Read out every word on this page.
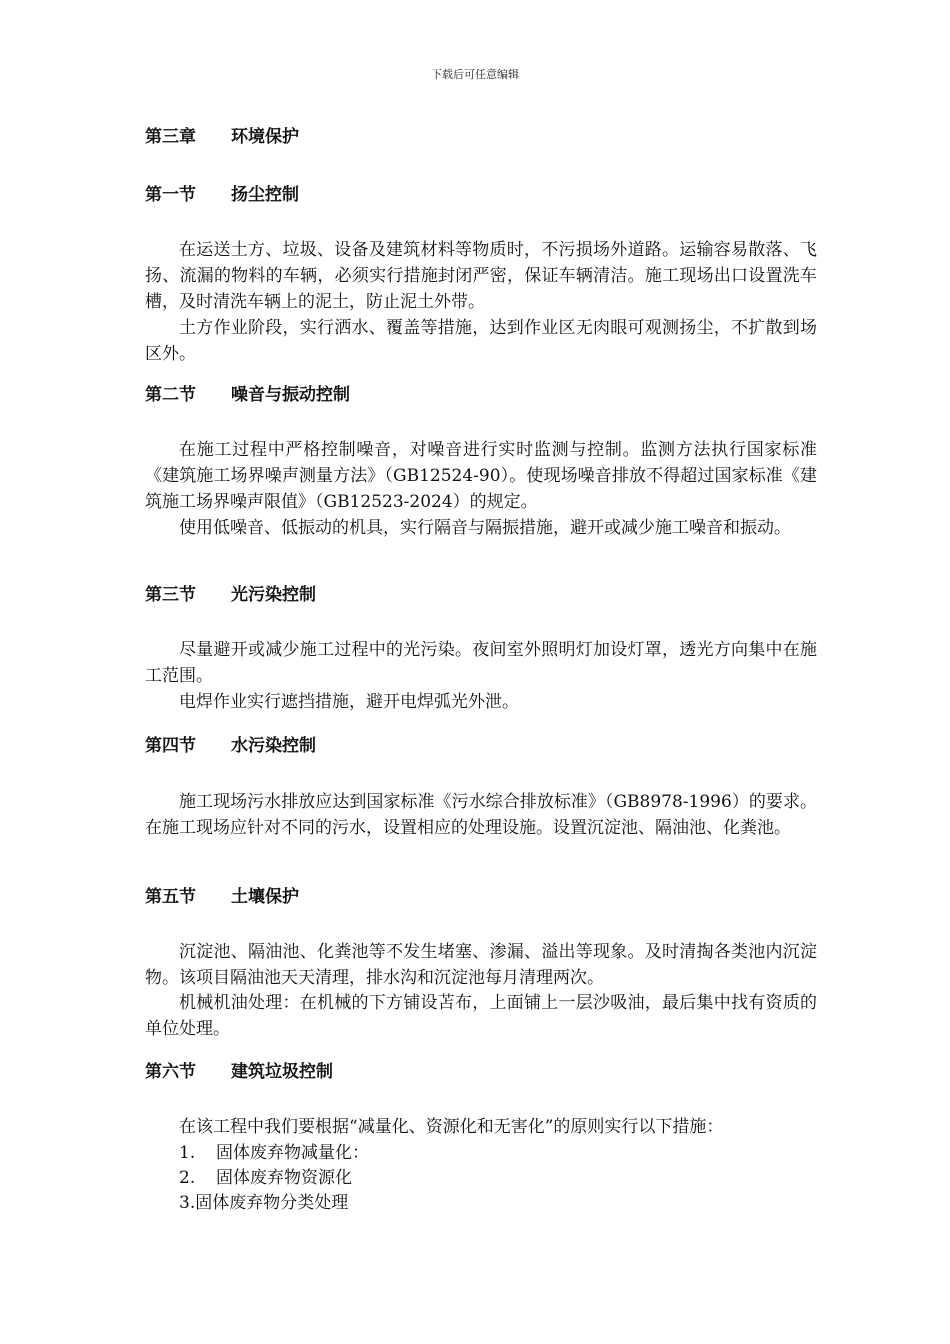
下载后可任意编辑
第三章 环境保护
第一节 扬尘控制
在运送土方、垃圾、设备及建筑材料等物质时，不污损场外道路。运输容易散落、飞扬、流漏的物料的车辆，必须实行措施封闭严密，保证车辆清洁。施工现场出口设置洗车槽，及时清洗车辆上的泥土，防止泥土外带。
土方作业阶段，实行洒水、覆盖等措施，达到作业区无肉眼可观测扬尘，不扩散到场区外。
第二节 噪音与振动控制
在施工过程中严格控制噪音，对噪音进行实时监测与控制。监测方法执行国家标准《建筑施工场界噪声测量方法》（GB12524-90）。使现场噪音排放不得超过国家标准《建筑施工场界噪声限值》（GB12523-2024）的规定。
使用低噪音、低振动的机具，实行隔音与隔振措施，避开或减少施工噪音和振动。
第三节 光污染控制
尽量避开或减少施工过程中的光污染。夜间室外照明灯加设灯罩，透光方向集中在施工范围。
电焊作业实行遮挡措施，避开电焊弧光外泄。
第四节 水污染控制
施工现场污水排放应达到国家标准《污水综合排放标准》（GB8978-1996）的要求。在施工现场应针对不同的污水，设置相应的处理设施。设置沉淀池、隔油池、化粪池。
第五节 土壤保护
沉淀池、隔油池、化粪池等不发生堵塞、渗漏、溢出等现象。及时清掏各类池内沉淀物。该项目隔油池天天清理，排水沟和沉淀池每月清理两次。
机械机油处理：在机械的下方铺设苫布，上面铺上一层沙吸油，最后集中找有资质的单位处理。
第六节 建筑垃圾控制
在该工程中我们要根据“减量化、资源化和无害化”的原则实行以下措施：
1. 固体废弃物减量化：
2. 固体废弃物资源化
3.固体废弃物分类处理
